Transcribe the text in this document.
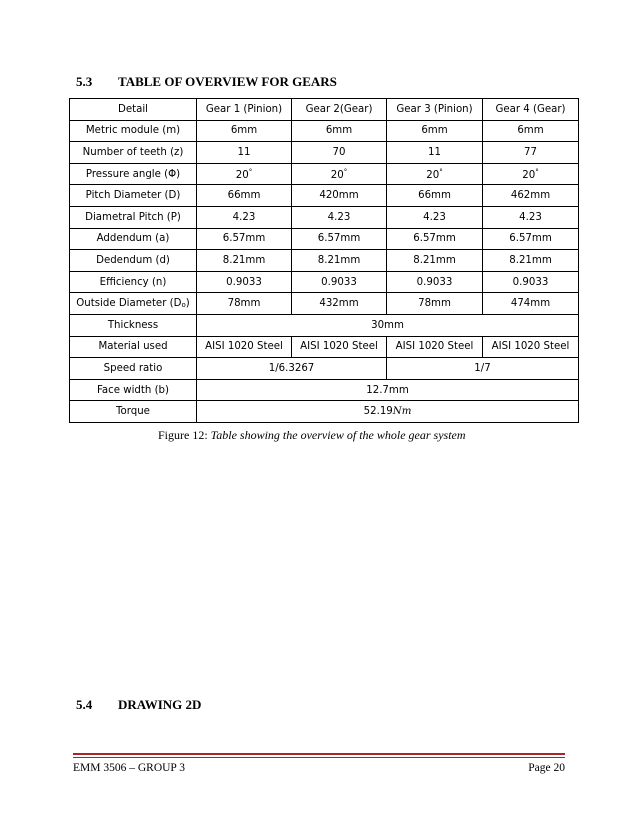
5.3 TABLE OF OVERVIEW FOR GEARS
Detail	Gear 1 (Pinion)	Gear 2(Gear)	Gear 3 (Pinion)	Gear 4 (Gear)
Metric module (m)	6mm	6mm	6mm	6mm
Number of teeth (z)	11	70	11	77
Pressure angle (Φ)	20°	20°	20°	20°
Pitch Diameter (D)	66mm	420mm	66mm	462mm
Diametral Pitch (P)	4.23	4.23	4.23	4.23
Addendum (a)	6.57mm	6.57mm	6.57mm	6.57mm
Dedendum (d)	8.21mm	8.21mm	8.21mm	8.21mm
Efficiency (n)	0.9033	0.9033	0.9033	0.9033
Outside Diameter (Do)	78mm	432mm	78mm	474mm
Thickness	30mm			
Material used	AISI 1020 Steel	AISI 1020 Steel	AISI 1020 Steel	AISI 1020 Steel
Speed ratio	1/6.3267		1/7	
Face width (b)	12.7mm			
Torque	52.19Nm			
Figure 12: Table showing the overview of the whole gear system
5.4 DRAWING 2D
EMM 3506 – GROUP 3	Page 20
